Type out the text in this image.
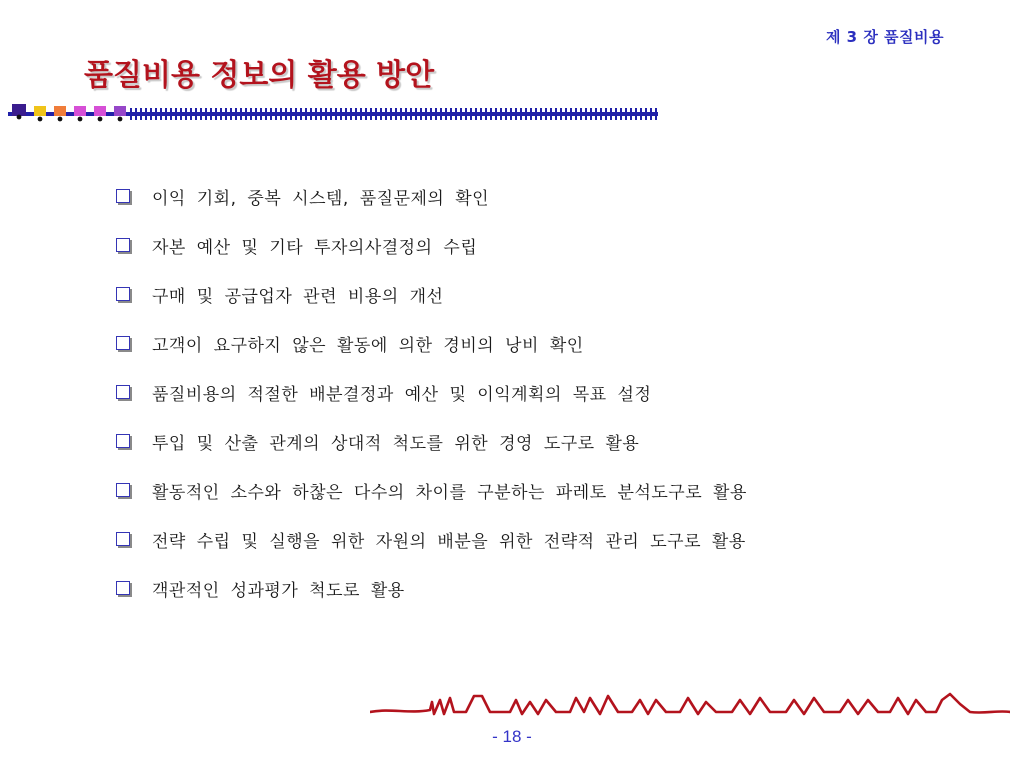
제 3 장 품질비용
품질비용 정보의 활용 방안
이익 기회, 중복 시스템, 품질문제의 확인
자본 예산 및 기타 투자의사결정의 수립
구매 및 공급업자 관련 비용의 개선
고객이 요구하지 않은 활동에 의한 경비의 낭비 확인
품질비용의 적절한 배분결정과 예산 및 이익계획의 목표 설정
투입 및 산출 관계의 상대적 척도를 위한 경영 도구로 활용
활동적인 소수와 하찮은 다수의 차이를 구분하는 파레토 분석도구로 활용
전략 수립 및 실행을 위한 자원의 배분을 위한 전략적 관리 도구로 활용
객관적인 성과평가 척도로 활용
- 18 -
